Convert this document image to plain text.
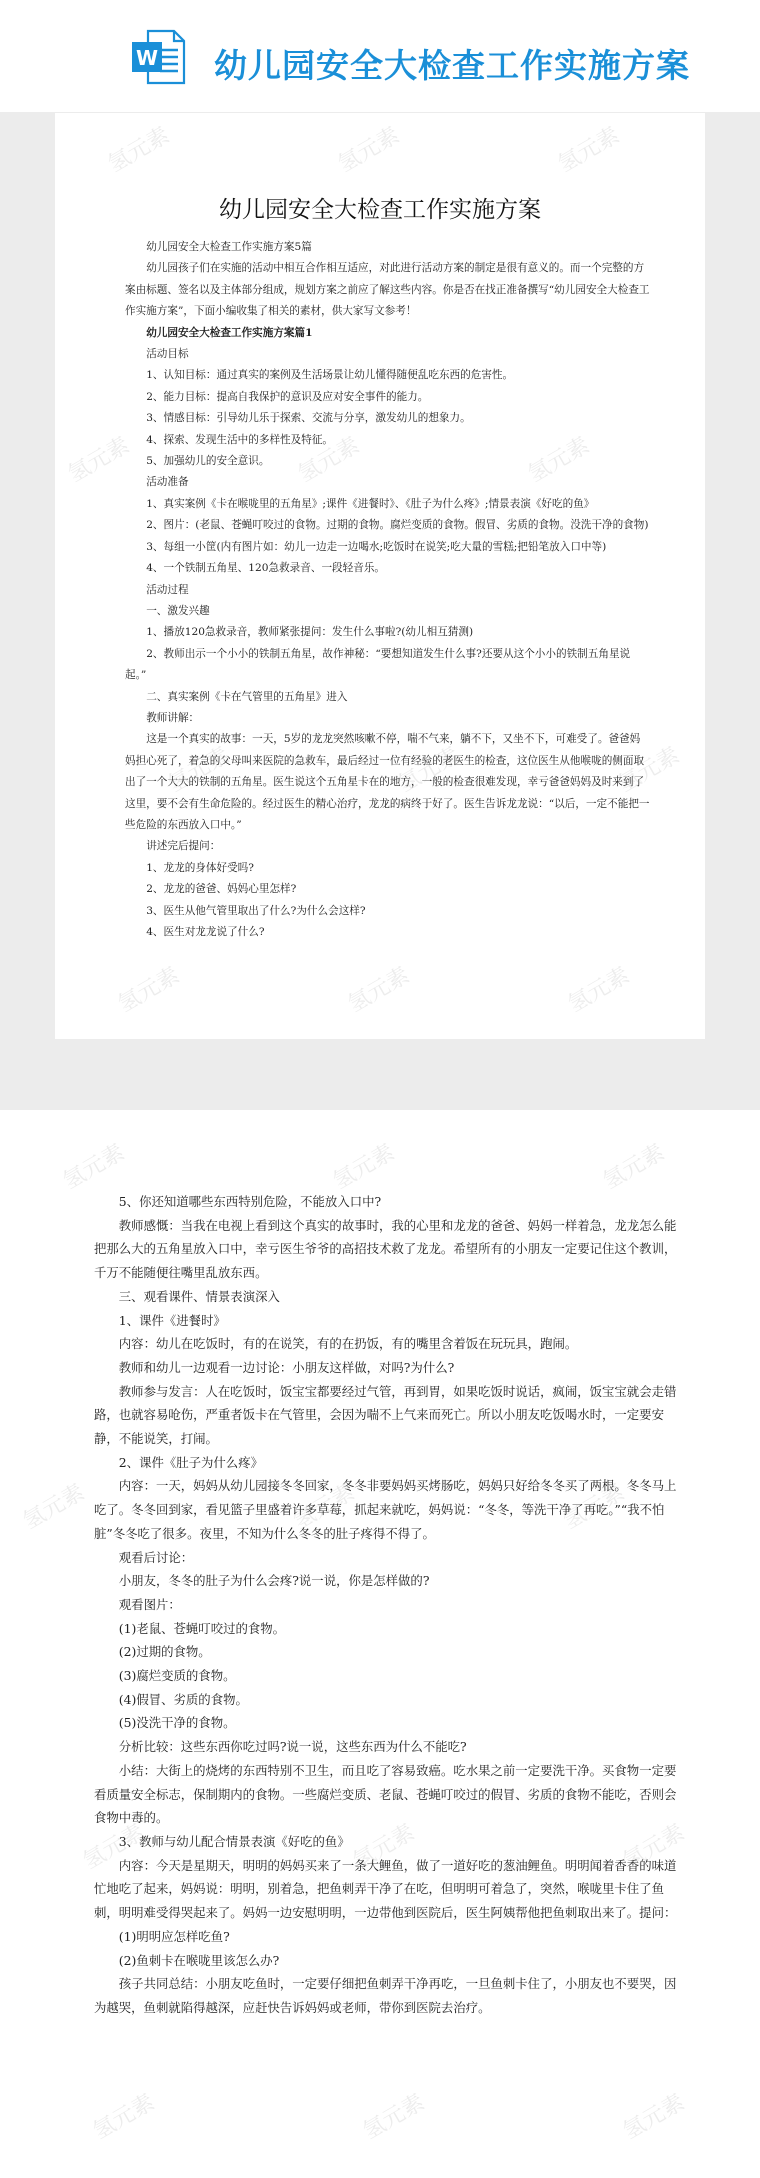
W 幼儿园安全大检查工作实施方案
幼儿园安全大检查工作实施方案

幼儿园安全大检查工作实施方案5篇

幼儿园孩子们在实施的活动中相互合作相互适应，对此进行活动方案的制定是很有意义的。而一个完整的方案由标题、签名以及主体部分组成，规划方案之前应了解这些内容。你是否在找正准备撰写“幼儿园安全大检查工作实施方案”，下面小编收集了相关的素材，供大家写文参考！

幼儿园安全大检查工作实施方案篇1

活动目标

1、认知目标：通过真实的案例及生活场景让幼儿懂得随便乱吃东西的危害性。

2、能力目标：提高自我保护的意识及应对安全事件的能力。

3、情感目标：引导幼儿乐于探索、交流与分享，激发幼儿的想象力。

4、探索、发现生活中的多样性及特征。

5、加强幼儿的安全意识。

活动准备

1、真实案例《卡在喉咙里的五角星》;课件《进餐时》、《肚子为什么疼》;情景表演《好吃的鱼》

2、图片：(老鼠、苍蝇叮咬过的食物。过期的食物。腐烂变质的食物。假冒、劣质的食物。没洗干净的食物)

3、每组一小筐(内有图片如：幼儿一边走一边喝水;吃饭时在说笑;吃大量的雪糕;把铅笔放入口中等)

4、一个铁制五角星、120急救录音、一段轻音乐。

活动过程

一、激发兴趣

1、播放120急救录音，教师紧张提问：发生什么事啦?(幼儿相互猜测)

2、教师出示一个小小的铁制五角星，故作神秘：“要想知道发生什么事?还要从这个小小的铁制五角星说起。”

二、真实案例《卡在气管里的五角星》进入

教师讲解：

这是一个真实的故事：一天，5岁的龙龙突然咳嗽不停，喘不气来，躺不下，又坐不下，可难受了。爸爸妈妈担心死了，着急的父母叫来医院的急救车，最后经过一位有经验的老医生的检查，这位医生从他喉咙的侧面取出了一个大大的铁制的五角星。医生说这个五角星卡在的地方，一般的检查很难发现，幸亏爸爸妈妈及时来到了这里，要不会有生命危险的。经过医生的精心治疗，龙龙的病终于好了。医生告诉龙龙说：“以后，一定不能把一些危险的东西放入口中。”

讲述完后提问：

1、龙龙的身体好受吗?

2、龙龙的爸爸、妈妈心里怎样?

3、医生从他气管里取出了什么?为什么会这样?

4、医生对龙龙说了什么?

氢元素	氢元素	氢元素
氢元素	氢元素	氢元素
氢元素	氢元素	氢元素
氢元素	氢元素	氢元素

5、你还知道哪些东西特别危险，不能放入口中?

教师感慨：当我在电视上看到这个真实的故事时，我的心里和龙龙的爸爸、妈妈一样着急，龙龙怎么能把那么大的五角星放入口中，幸亏医生爷爷的高招技术救了龙龙。希望所有的小朋友一定要记住这个教训，千万不能随便往嘴里乱放东西。

三、观看课件、情景表演深入

1、课件《进餐时》

内容：幼儿在吃饭时，有的在说笑，有的在扔饭，有的嘴里含着饭在玩玩具，跑闹。

教师和幼儿一边观看一边讨论：小朋友这样做，对吗?为什么?

教师参与发言：人在吃饭时，饭宝宝都要经过气管，再到胃，如果吃饭时说话，疯闹，饭宝宝就会走错路，也就容易呛伤，严重者饭卡在气管里，会因为喘不上气来而死亡。所以小朋友吃饭喝水时，一定要安静，不能说笑，打闹。

2、课件《肚子为什么疼》

内容：一天，妈妈从幼儿园接冬冬回家，冬冬非要妈妈买烤肠吃，妈妈只好给冬冬买了两根。冬冬马上吃了。冬冬回到家，看见篮子里盛着许多草莓，抓起来就吃，妈妈说：“冬冬，等洗干净了再吃。”“我不怕脏”冬冬吃了很多。夜里，不知为什么冬冬的肚子疼得不得了。

观看后讨论：

小朋友，冬冬的肚子为什么会疼?说一说，你是怎样做的?

观看图片：

(1)老鼠、苍蝇叮咬过的食物。

(2)过期的食物。

(3)腐烂变质的食物。

(4)假冒、劣质的食物。

(5)没洗干净的食物。

分析比较：这些东西你吃过吗?说一说，这些东西为什么不能吃?

小结：大街上的烧烤的东西特别不卫生，而且吃了容易致癌。吃水果之前一定要洗干净。买食物一定要看质量安全标志，保制期内的食物。一些腐烂变质、老鼠、苍蝇叮咬过的假冒、劣质的食物不能吃，否则会食物中毒的。

3、教师与幼儿配合情景表演《好吃的鱼》

内容：今天是星期天，明明的妈妈买来了一条大鲤鱼，做了一道好吃的葱油鲤鱼。明明闻着香香的味道忙地吃了起来，妈妈说：明明，别着急，把鱼刺弄干净了在吃，但明明可着急了，突然，喉咙里卡住了鱼刺，明明难受得哭起来了。妈妈一边安慰明明，一边带他到医院后，医生阿姨帮他把鱼刺取出来了。提问：

(1)明明应怎样吃鱼?

(2)鱼刺卡在喉咙里该怎么办?

孩子共同总结：小朋友吃鱼时，一定要仔细把鱼刺弄干净再吃，一旦鱼刺卡住了，小朋友也不要哭，因为越哭，鱼刺就陷得越深，应赶快告诉妈妈或老师，带你到医院去治疗。

氢元素	氢元素	氢元素
氢元素	氢元素	氢元素
氢元素	氢元素	氢元素
氢元素	氢元素	氢元素
